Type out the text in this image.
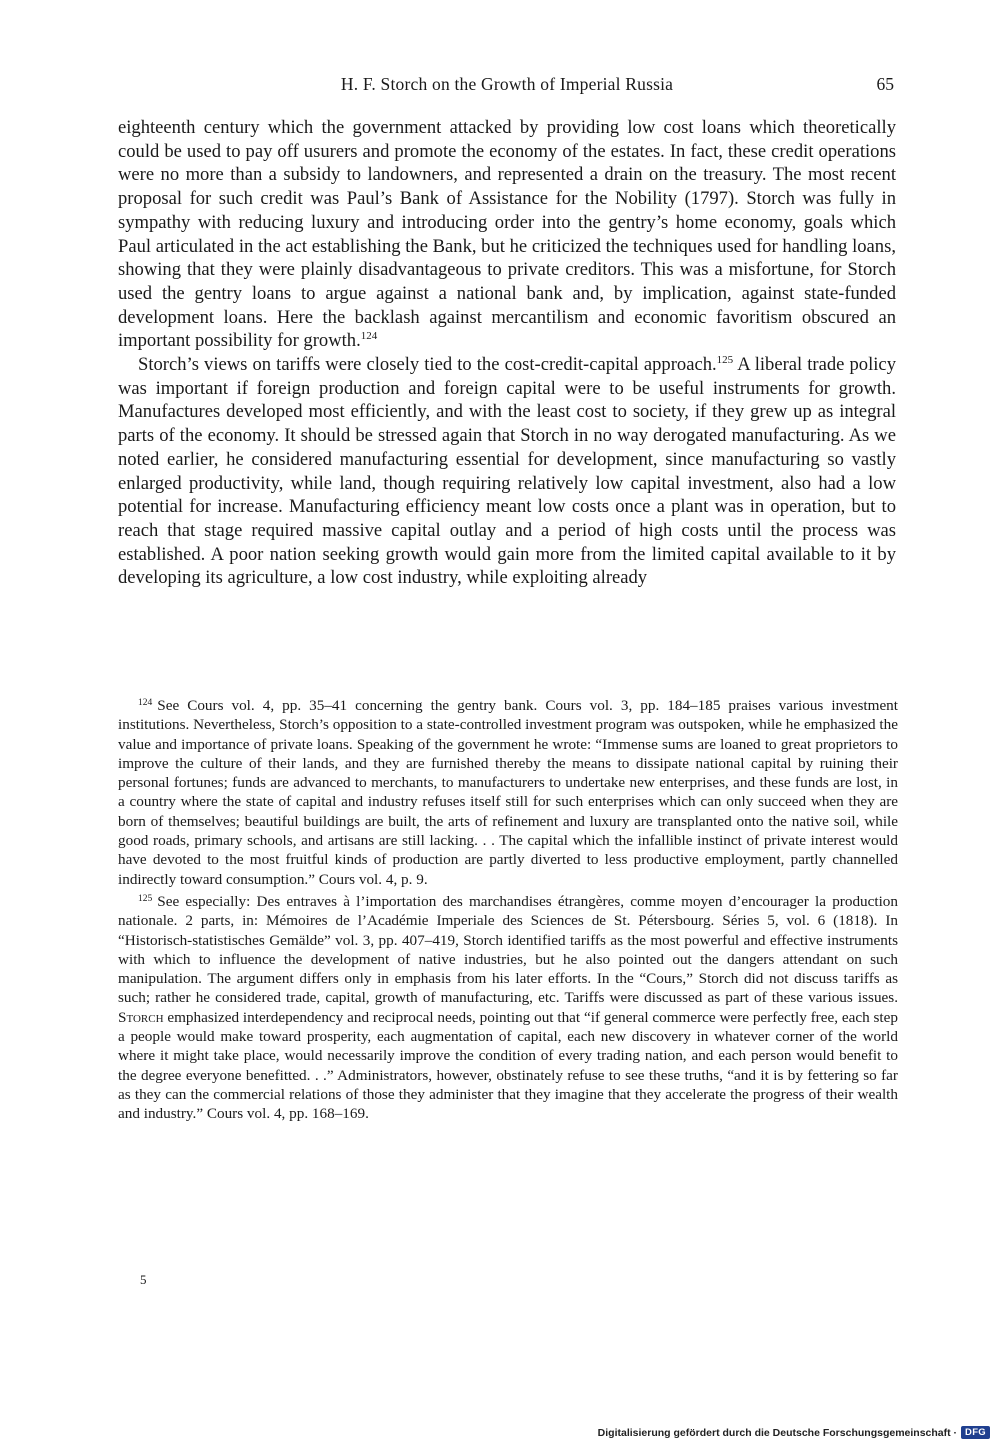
H. F. Storch on the Growth of Imperial Russia	65

eighteenth century which the government attacked by providing low cost loans which theoretically could be used to pay off usurers and promote the economy of the estates. In fact, these credit operations were no more than a subsidy to landowners, and represented a drain on the treasury. The most recent proposal for such credit was Paul’s Bank of Assistance for the Nobility (1797). Storch was fully in sympathy with reducing luxury and introducing order into the gentry’s home economy, goals which Paul articulated in the act establishing the Bank, but he criticized the techniques used for handling loans, showing that they were plainly disadvantageous to private creditors. This was a misfortune, for Storch used the gentry loans to argue against a national bank and, by implication, against state-funded development loans. Here the backlash against mercantilism and economic favoritism obscured an important possibility for growth.$^{124}$

Storch’s views on tariffs were closely tied to the cost-credit-capital approach.$^{125}$ A liberal trade policy was important if foreign production and foreign capital were to be useful instruments for growth. Manufactures developed most efficiently, and with the least cost to society, if they grew up as integral parts of the economy. It should be stressed again that Storch in no way derogated manufacturing. As we noted earlier, he considered manufacturing essential for development, since manufacturing so vastly enlarged productivity, while land, though requiring relatively low capital investment, also had a low potential for increase. Manufacturing efficiency meant low costs once a plant was in operation, but to reach that stage required massive capital outlay and a period of high costs until the process was established. A poor nation seeking growth would gain more from the limited capital available to it by developing its agriculture, a low cost industry, while exploiting already

$^{124}$ See Cours vol. 4, pp. 35–41 concerning the gentry bank. Cours vol. 3, pp. 184–185 praises various investment institutions. Nevertheless, Storch’s opposition to a state-controlled investment program was outspoken, while he emphasized the value and importance of private loans. Speaking of the government he wrote: “Immense sums are loaned to great proprietors to improve the culture of their lands, and they are furnished thereby the means to dissipate national capital by ruining their personal fortunes; funds are advanced to merchants, to manufacturers to undertake new enterprises, and these funds are lost, in a country where the state of capital and industry refuses itself still for such enterprises which can only succeed when they are born of themselves; beautiful buildings are built, the arts of refinement and luxury are transplanted onto the native soil, while good roads, primary schools, and artisans are still lacking. . . The capital which the infallible instinct of private interest would have devoted to the most fruitful kinds of production are partly diverted to less productive employment, partly channelled indirectly toward consumption.” Cours vol. 4, p. 9.

$^{125}$ See especially: Des entraves à l’importation des marchandises étrangères, comme moyen d’encourager la production nationale. 2 parts, in: Mémoires de l’Académie Imperiale des Sciences de St. Pétersbourg. Séries 5, vol. 6 (1818). In “Historisch-statistisches Gemälde” vol. 3, pp. 407–419, Storch identified tariffs as the most powerful and effective instruments with which to influence the development of native industries, but he also pointed out the dangers attendant on such manipulation. The argument differs only in emphasis from his later efforts. In the “Cours,” Storch did not discuss tariffs as such; rather he considered trade, capital, growth of manufacturing, etc. Tariffs were discussed as part of these various issues. Storch emphasized interdependency and reciprocal needs, pointing out that “if general commerce were perfectly free, each step a people would make toward prosperity, each augmentation of capital, each new discovery in whatever corner of the world where it might take place, would necessarily improve the condition of every trading nation, and each person would benefit to the degree everyone benefitted. . .” Administrators, however, obstinately refuse to see these truths, “and it is by fettering so far as they can the commercial relations of those they administer that they imagine that they accelerate the progress of their wealth and industry.” Cours vol. 4, pp. 168–169.

5
Digitalisierung gefördert durch die Deutsche Forschungsgemeinschaft · DFG
